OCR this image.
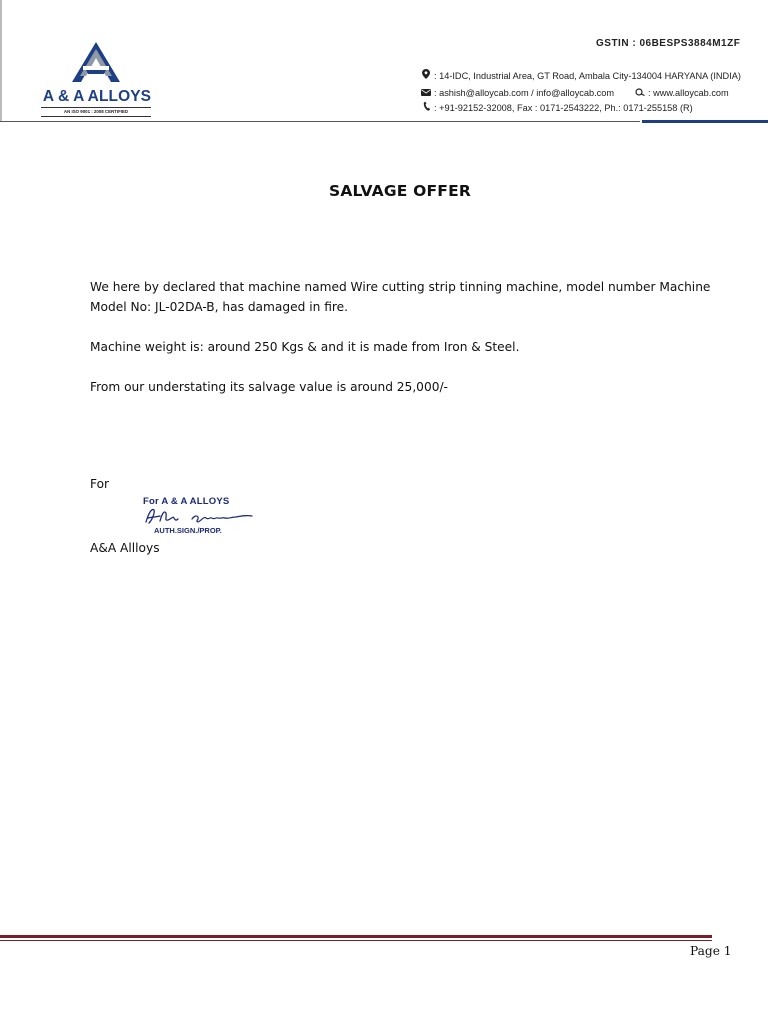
A & A ALLOYS
AN ISO 9001 : 2008 CERTIFIED
GSTIN : 06BESPS3884M1ZF
: 14-IDC, Industrial Area, GT Road, Ambala City-134004 HARYANA (INDIA)
: ashish@alloycab.com / info@alloycab.com	: www.alloycab.com
: +91-92152-32008, Fax : 0171-2543222, Ph.: 0171-255158 (R)
SALVAGE OFFER
We here by declared that machine named Wire cutting strip tinning machine, model number Machine Model No: JL-02DA-B, has damaged in fire.
Machine weight is: around 250 Kgs & and it is made from Iron & Steel.
From our understating its salvage value is around 25,000/-
For
For A & A ALLOYS
AUTH.SIGN./PROP.
A&A Allloys
Page 1
